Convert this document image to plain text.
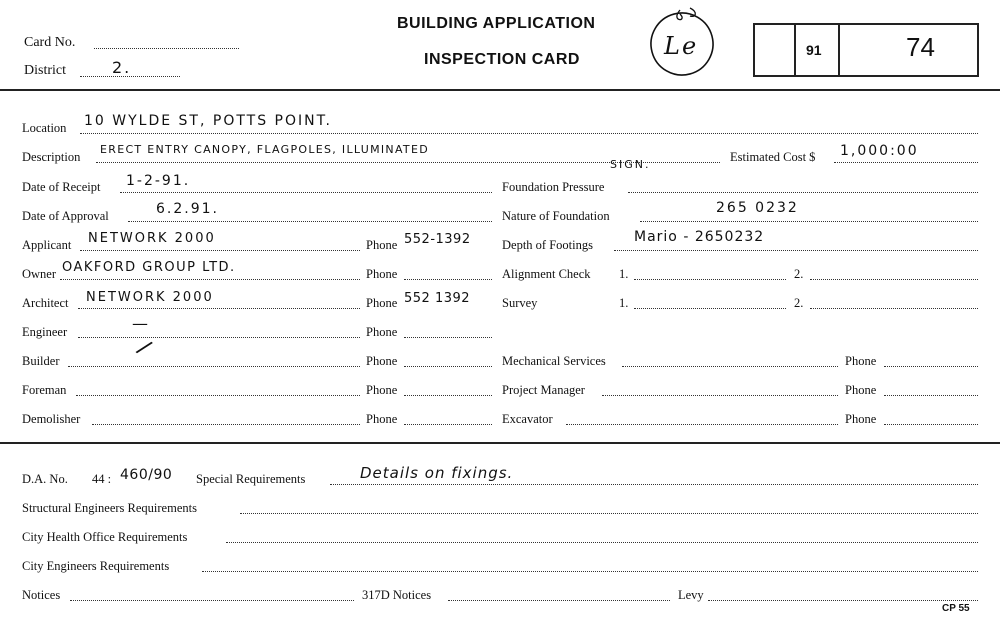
Card No.
District	2.
BUILDING APPLICATION
INSPECTION CARD	Le	91	74
Location 10 WYLDE ST, POTTS POINT.
Description
ERECT ENTRY CANOPY, FLAGPOLES, ILLUMINATED
SIGN.
Estimated Cost $ 1,000:00
Date of Receipt 1-2-91.	Foundation Pressure
Date of Approval	6.2.91.	Nature of Foundation	265 0232
Applicant NETWORK 2000	Phone 552-1392	Depth of Footings	Mario - 2650232
Owner OAKFORD GROUP LTD.	Phone	Alignment Check 1.	2.
Architect NETWORK 2000	Phone 552 1392	Survey	1.	2.
Engineer	—	Phone
Builder	/	Phone	Mechanical Services	Phone
Foreman	Phone	Project Manager	Phone
Demolisher	Phone	Excavator	Phone
D.A. No. 44 : 460/90 Special Requirements	Details on fixings.
Structural Engineers Requirements
City Health Office Requirements
City Engineers Requirements
Notices	317D Notices	Levy
CP 55
